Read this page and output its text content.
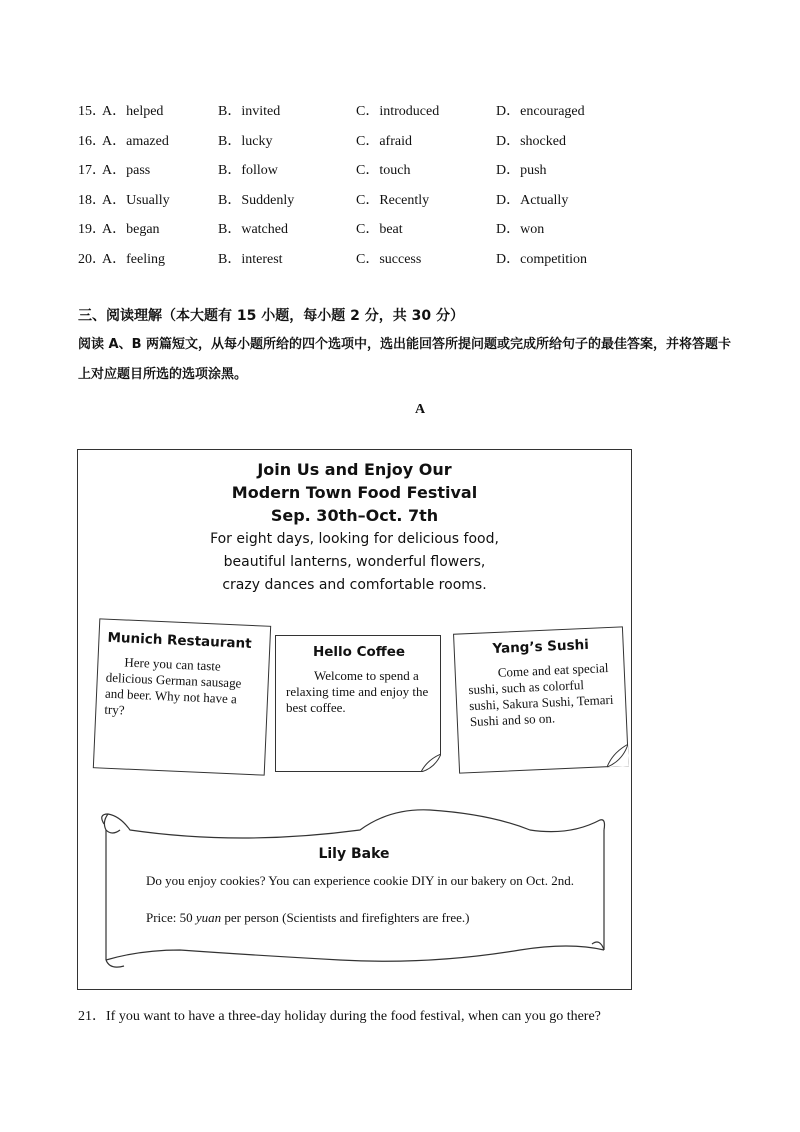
15．
A．helped	B．invited	C．introduced	D．encouraged
16．
A．amazed	B．lucky	C．afraid	D．shocked
17．
A．pass	B．follow	C．touch	D．push
18．
A．Usually	B．Suddenly	C．Recently	D．Actually
19．
A．began	B．watched	C．beat	D．won
20．
A．feeling	B．interest	C．success	D．competition
三、阅读理解（本大题有 15 小题，每小题 2 分，共 30 分）
阅读 A、B 两篇短文，从每小题所给的四个选项中，选出能回答所提问题或完成所给句子的最佳答案，并将答题卡上对应题目所选的选项涂黑。
A
Join Us and Enjoy Our
Modern Town Food Festival
Sep. 30th–Oct. 7th
For eight days, looking for delicious food,
beautiful lanterns, wonderful flowers,
crazy dances and comfortable rooms.
Munich Restaurant

Here you can taste delicious German sausage and beer. Why not have a try?

Hello Coffee

Welcome to spend a relaxing time and enjoy the best coffee.

Yang’s Sushi

Come and eat special sushi, such as colorful sushi, Sakura Sushi, Temari Sushi and so on.

Lily Bake
Do you enjoy cookies? You can experience cookie DIY in our bakery on Oct. 2nd.
Price: 50 yuan per person (Scientists and firefighters are free.)
21．If you want to have a three-day holiday during the food festival, when can you go there?
